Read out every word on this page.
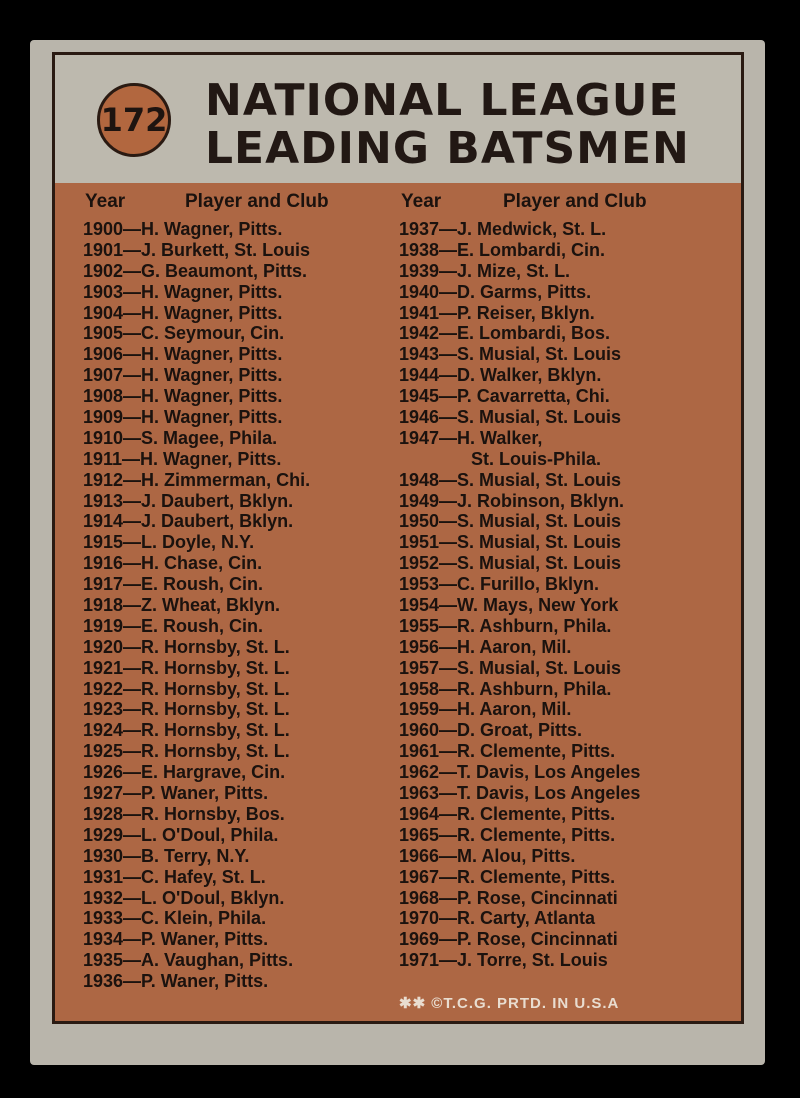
172 NATIONAL LEAGUE
LEADING BATSMEN
Year	Player and Club	Year	Player and Club
1900—H. Wagner, Pitts.
1901—J. Burkett, St. Louis
1902—G. Beaumont, Pitts.
1903—H. Wagner, Pitts.
1904—H. Wagner, Pitts.
1905—C. Seymour, Cin.
1906—H. Wagner, Pitts.
1907—H. Wagner, Pitts.
1908—H. Wagner, Pitts.
1909—H. Wagner, Pitts.
1910—S. Magee, Phila.
1911—H. Wagner, Pitts.
1912—H. Zimmerman, Chi.
1913—J. Daubert, Bklyn.
1914—J. Daubert, Bklyn.
1915—L. Doyle, N.Y.
1916—H. Chase, Cin.
1917—E. Roush, Cin.
1918—Z. Wheat, Bklyn.
1919—E. Roush, Cin.
1920—R. Hornsby, St. L.
1921—R. Hornsby, St. L.
1922—R. Hornsby, St. L.
1923—R. Hornsby, St. L.
1924—R. Hornsby, St. L.
1925—R. Hornsby, St. L.
1926—E. Hargrave, Cin.
1927—P. Waner, Pitts.
1928—R. Hornsby, Bos.
1929—L. O'Doul, Phila.
1930—B. Terry, N.Y.
1931—C. Hafey, St. L.
1932—L. O'Doul, Bklyn.
1933—C. Klein, Phila.
1934—P. Waner, Pitts.
1935—A. Vaughan, Pitts.
1936—P. Waner, Pitts.
1937—J. Medwick, St. L.
1938—E. Lombardi, Cin.
1939—J. Mize, St. L.
1940—D. Garms, Pitts.
1941—P. Reiser, Bklyn.
1942—E. Lombardi, Bos.
1943—S. Musial, St. Louis
1944—D. Walker, Bklyn.
1945—P. Cavarretta, Chi.
1946—S. Musial, St. Louis
1947—H. Walker,
St. Louis-Phila.
1948—S. Musial, St. Louis
1949—J. Robinson, Bklyn.
1950—S. Musial, St. Louis
1951—S. Musial, St. Louis
1952—S. Musial, St. Louis
1953—C. Furillo, Bklyn.
1954—W. Mays, New York
1955—R. Ashburn, Phila.
1956—H. Aaron, Mil.
1957—S. Musial, St. Louis
1958—R. Ashburn, Phila.
1959—H. Aaron, Mil.
1960—D. Groat, Pitts.
1961—R. Clemente, Pitts.
1962—T. Davis, Los Angeles
1963—T. Davis, Los Angeles
1964—R. Clemente, Pitts.
1965—R. Clemente, Pitts.
1966—M. Alou, Pitts.
1967—R. Clemente, Pitts.
1968—P. Rose, Cincinnati
1970—R. Carty, Atlanta
1969—P. Rose, Cincinnati
1971—J. Torre, St. Louis
✱✱ ©T.C.G. PRTD. IN U.S.A
